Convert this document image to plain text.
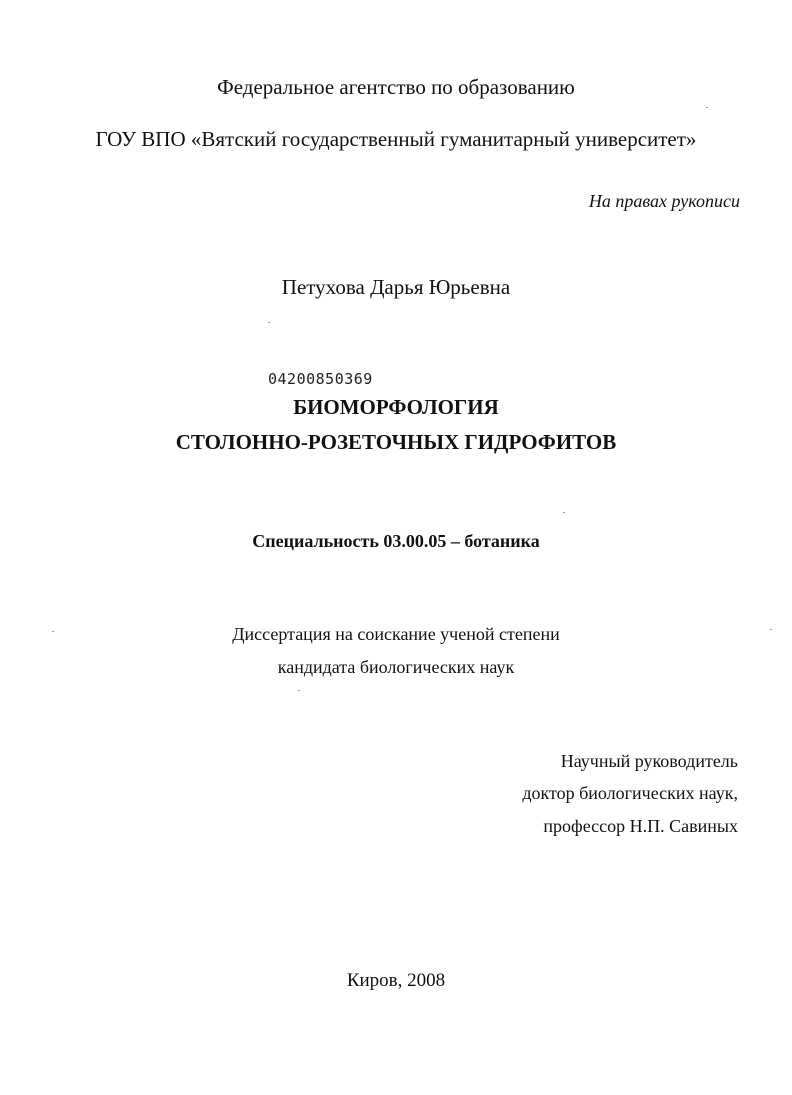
Федеральное агентство по образованию
ГОУ ВПО «Вятский государственный гуманитарный университет»
На правах рукописи
Петухова Дарья Юрьевна
04200850369
БИОМОРФОЛОГИЯ
СТОЛОННО-РОЗЕТОЧНЫХ ГИДРОФИТОВ
Специальность 03.00.05 – ботаника
Диссертация на соискание ученой степени
кандидата биологических наук
Научный руководитель
доктор биологических наук,
профессор Н.П. Савиных
Киров, 2008
